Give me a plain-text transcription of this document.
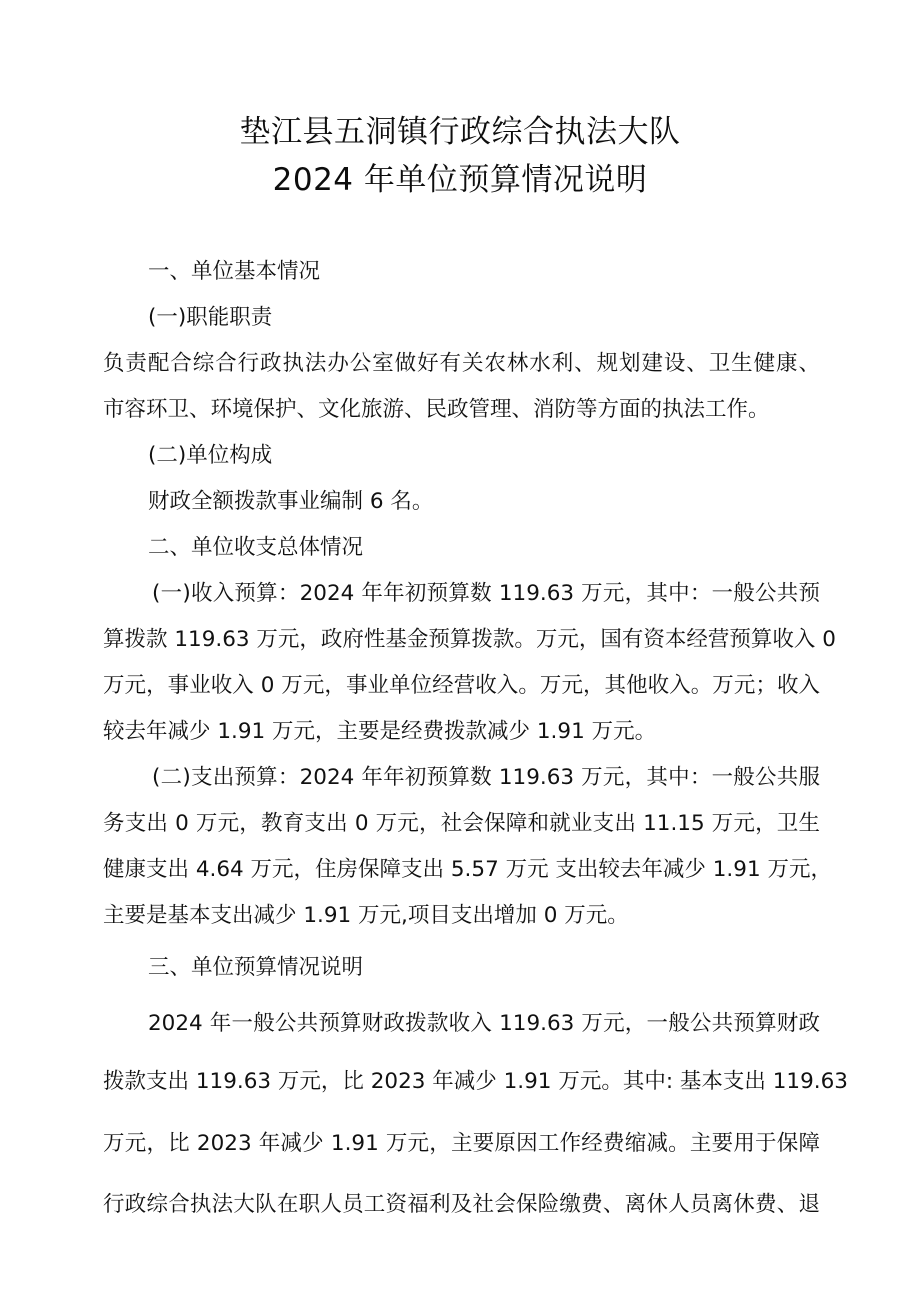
垫江县五洞镇行政综合执法大队
2024 年单位预算情况说明

一、单位基本情况

(一)职能职责

负责配合综合行政执法办公室做好有关农林水利、规划建设、卫生健康、

市容环卫、环境保护、文化旅游、民政管理、消防等方面的执法工作。

(二)单位构成

财政全额拨款事业编制 6 名。

二、单位收支总体情况

(一)收入预算：2024 年年初预算数 119.63 万元，其中：一般公共预

算拨款 119.63 万元，政府性基金预算拨款。万元，国有资本经营预算收入 0

万元，事业收入 0 万元，事业单位经营收入。万元，其他收入。万元；收入

较去年减少 1.91 万元，主要是经费拨款减少 1.91 万元。

(二)支出预算：2024 年年初预算数 119.63 万元，其中：一般公共服

务支出 0 万元，教育支出 0 万元，社会保障和就业支出 11.15 万元，卫生

健康支出 4.64 万元，住房保障支出 5.57 万元 支出较去年减少 1.91 万元，

主要是基本支出减少 1.91 万元,项目支出增加 0 万元。

三、单位预算情况说明

2024 年一般公共预算财政拨款收入 119.63 万元，一般公共预算财政

拨款支出 119.63 万元，比 2023 年减少 1.91 万元。其中: 基本支出 119.63

万元，比 2023 年减少 1.91 万元，主要原因工作经费缩减。主要用于保障

行政综合执法大队在职人员工资福利及社会保险缴费、离休人员离休费、退
